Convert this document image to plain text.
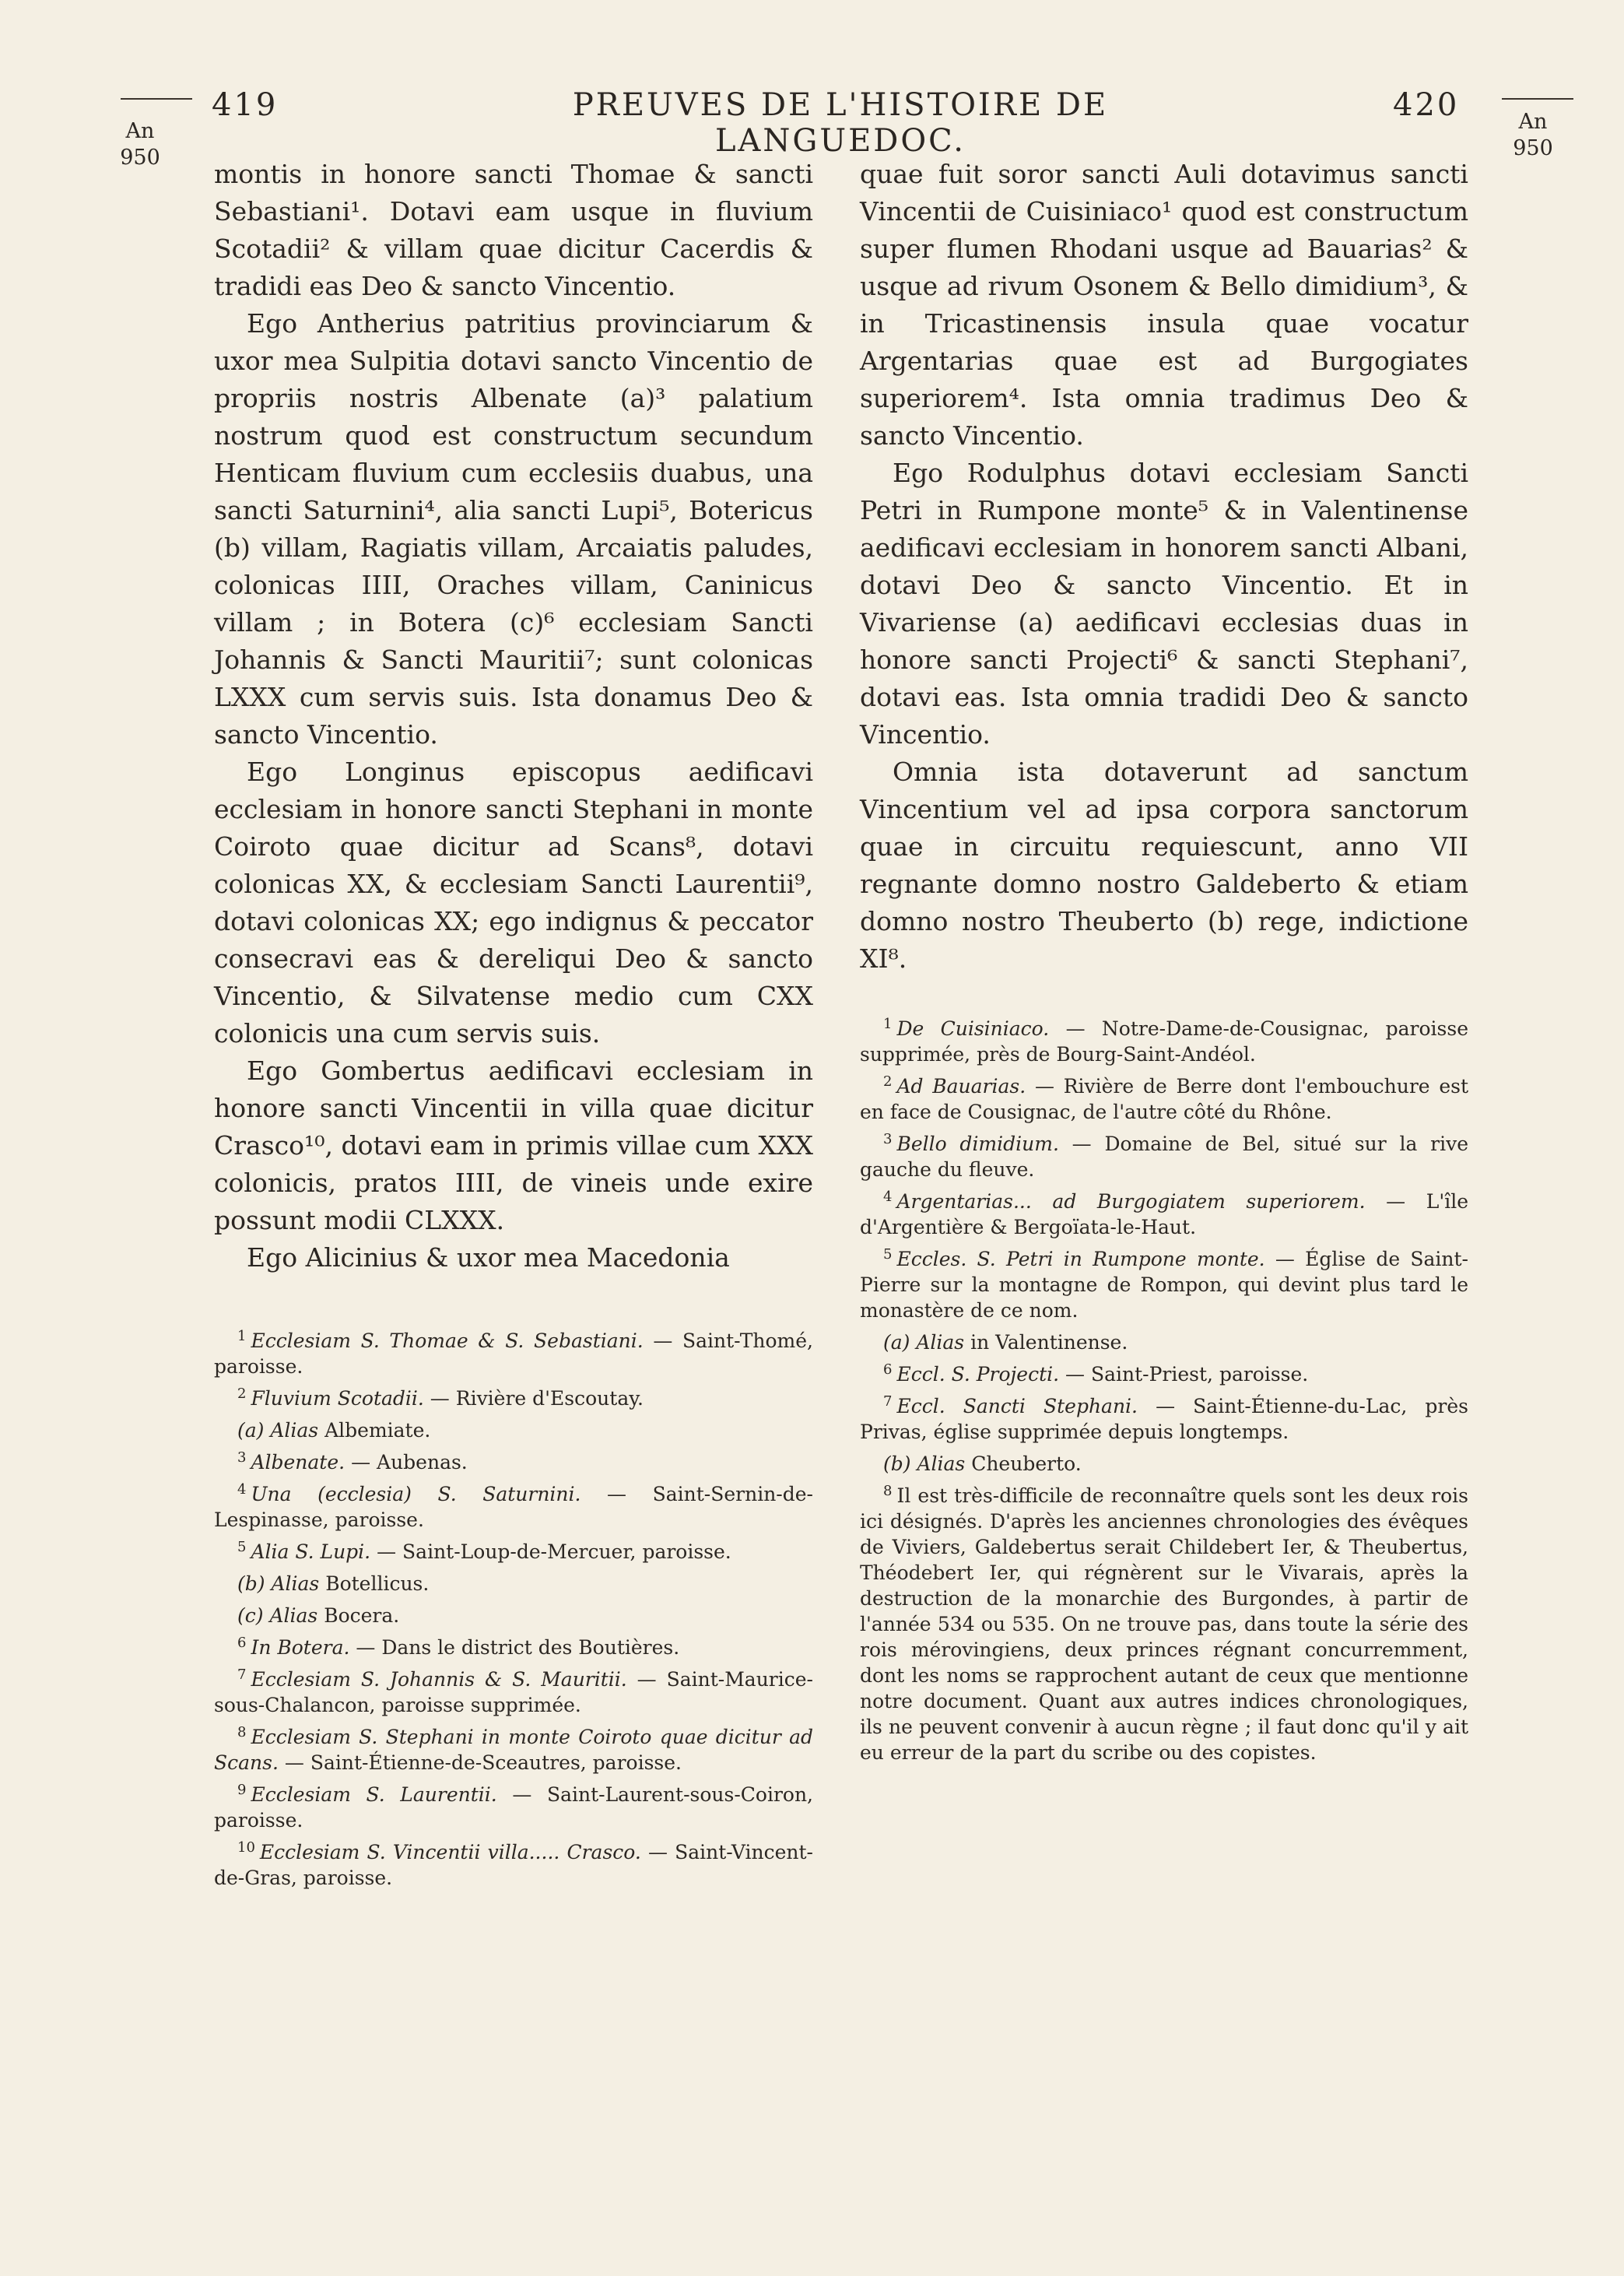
An
950
An
950
419	PREUVES DE L'HISTOIRE DE LANGUEDOC.
420

montis in honore sancti Thomae & sancti Sebastiani¹. Dotavi eam usque in fluvium Scotadii² & villam quae dicitur Cacerdis & tradidi eas Deo & sancto Vincentio.

Ego Antherius patritius provinciarum & uxor mea Sulpitia dotavi sancto Vincentio de propriis nostris Albenate (a)³ palatium nostrum quod est constructum secundum Henticam fluvium cum ecclesiis duabus, una sancti Saturnini⁴, alia sancti Lupi⁵, Botericus (b) villam, Ragiatis villam, Arcaiatis paludes, colonicas IIII, Oraches villam, Caninicus villam ; in Botera (c)⁶ ecclesiam Sancti Johannis & Sancti Mauritii⁷; sunt colonicas LXXX cum servis suis. Ista donamus Deo & sancto Vincentio.

Ego Longinus episcopus aedificavi ecclesiam in honore sancti Stephani in monte Coiroto quae dicitur ad Scans⁸, dotavi colonicas XX, & ecclesiam Sancti Laurentii⁹, dotavi colonicas XX; ego indignus & peccator consecravi eas & dereliqui Deo & sancto Vincentio, & Silvatense medio cum CXX colonicis una cum servis suis.

Ego Gombertus aedificavi ecclesiam in honore sancti Vincentii in villa quae dicitur Crasco¹⁰, dotavi eam in primis villae cum XXX colonicis, pratos IIII, de vineis unde exire possunt modii CLXXX.

Ego Alicinius & uxor mea Macedonia

quae fuit soror sancti Auli dotavimus sancti Vincentii de Cuisiniaco¹ quod est constructum super flumen Rhodani usque ad Bauarias² & usque ad rivum Osonem & Bello dimidium³, & in Tricastinensis insula quae vocatur Argentarias quae est ad Burgogiates superiorem⁴. Ista omnia tradimus Deo & sancto Vincentio.

Ego Rodulphus dotavi ecclesiam Sancti Petri in Rumpone monte⁵ & in Valentinense aedificavi ecclesiam in honorem sancti Albani, dotavi Deo & sancto Vincentio. Et in Vivariense (a) aedificavi ecclesias duas in honore sancti Projecti⁶ & sancti Stephani⁷, dotavi eas. Ista omnia tradidi Deo & sancto Vincentio.

Omnia ista dotaverunt ad sanctum Vincentium vel ad ipsa corpora sanctorum quae in circuitu requiescunt, anno VII regnante domno nostro Galdeberto & etiam domno nostro Theuberto (b) rege, indictione XI⁸.

$^1$ Ecclesiam S. Thomae & S. Sebastiani. — Saint-Thomé, paroisse.

$^2$ Fluvium Scotadii. — Rivière d'Escoutay.

(a) Alias Albemiate.

$^3$ Albenate. — Aubenas.

$^4$ Una (ecclesia) S. Saturnini. — Saint-Sernin-de-Lespinasse, paroisse.

$^5$ Alia S. Lupi. — Saint-Loup-de-Mercuer, paroisse.

(b) Alias Botellicus.

(c) Alias Bocera.

$^6$ In Botera. — Dans le district des Boutières.

$^7$ Ecclesiam S. Johannis & S. Mauritii. — Saint-Maurice-sous-Chalancon, paroisse supprimée.

$^8$ Ecclesiam S. Stephani in monte Coiroto quae dicitur ad Scans. — Saint-Étienne-de-Sceautres, paroisse.

$^9$ Ecclesiam S. Laurentii. — Saint-Laurent-sous-Coiron, paroisse.

$^{10}$ Ecclesiam S. Vincentii villa..... Crasco. — Saint-Vincent-de-Gras, paroisse.

$^1$ De Cuisiniaco. — Notre-Dame-de-Cousignac, paroisse supprimée, près de Bourg-Saint-Andéol.

$^2$ Ad Bauarias. — Rivière de Berre dont l'embouchure est en face de Cousignac, de l'autre côté du Rhône.

$^3$ Bello dimidium. — Domaine de Bel, situé sur la rive gauche du fleuve.

$^4$ Argentarias... ad Burgogiatem superiorem. — L'île d'Argentière & Bergoïata-le-Haut.

$^5$ Eccles. S. Petri in Rumpone monte. — Église de Saint-Pierre sur la montagne de Rompon, qui devint plus tard le monastère de ce nom.

(a) Alias in Valentinense.

$^6$ Eccl. S. Projecti. — Saint-Priest, paroisse.

$^7$ Eccl. Sancti Stephani. — Saint-Étienne-du-Lac, près Privas, église supprimée depuis longtemps.

(b) Alias Cheuberto.

$^8$ Il est très-difficile de reconnaître quels sont les deux rois ici désignés. D'après les anciennes chronologies des évêques de Viviers, Galdebertus serait Childebert Ier, & Theubertus, Théodebert Ier, qui régnèrent sur le Vivarais, après la destruction de la monarchie des Burgondes, à partir de l'année 534 ou 535. On ne trouve pas, dans toute la série des rois mérovingiens, deux princes régnant concurremment, dont les noms se rapprochent autant de ceux que mentionne notre document. Quant aux autres indices chronologiques, ils ne peuvent convenir à aucun règne ; il faut donc qu'il y ait eu erreur de la part du scribe ou des copistes.
